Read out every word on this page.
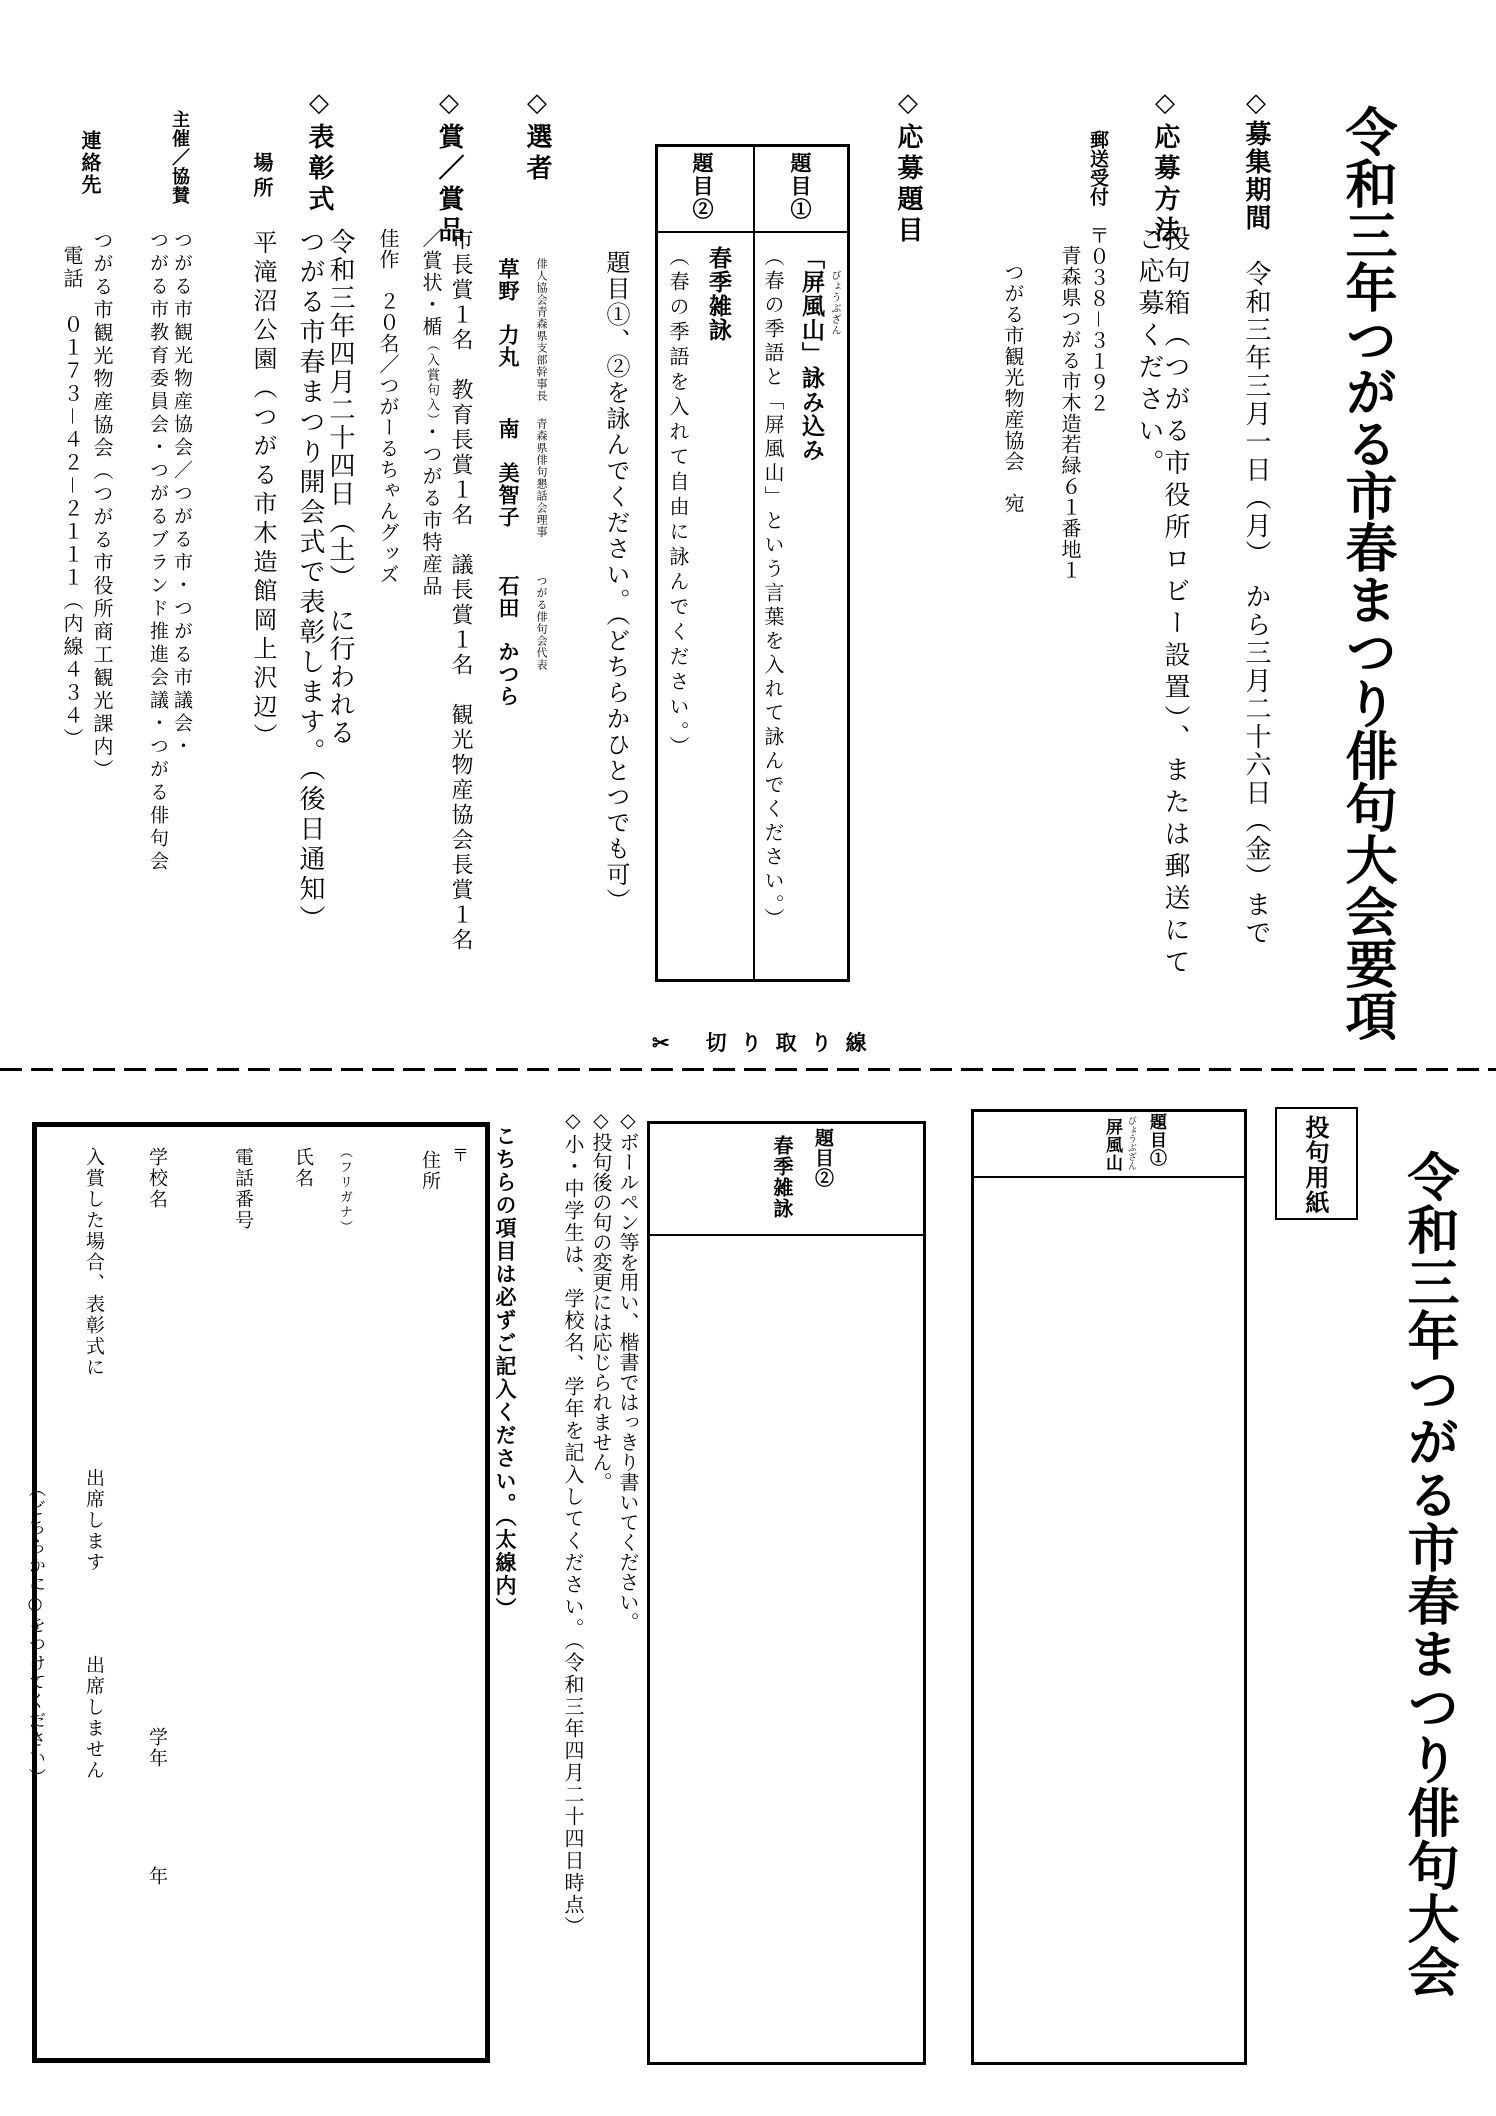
令和三年つがる市春まつり俳句大会要項
◇募集期間　令和三年三月一日（月）　から三月二十六日（金）まで
◇応募方法
投句箱（つがる市役所ロビー設置）、または郵送にて
ご応募ください。
郵送受付
〒０３８－３１９２
青森県つがる市木造若緑６１番地１
つがる市観光物産協会　宛
◇応募題目
題目①
題目②
「屏風山」詠み込み びょうぶざん
（春の季語と「屏風山」という言葉を入れて詠んでください。）
春季雑詠
（春の季語を入れて自由に詠んでください。）
題目①、②を詠んでください。（どちらかひとつでも可）
◇選者
俳人協会青森県支部幹事長
草野　力丸
青森県俳句懇話会理事
南　美智子
つがる俳句会代表
石田　かつら
◇賞／賞品
市長賞１名　教育長賞１名　議長賞１名　観光物産協会長賞１名
／賞状・楯（入賞句入）・つがる市特産品
佳作　２０名／つがーるちゃんグッズ
◇表彰式
令和三年四月二十四日（土）　に行われる
つがる市春まつり開会式で表彰します。（後日通知）
場所
平滝沼公園（つがる市木造館岡上沢辺）
主催／協賛
つがる市観光物産協会／つがる市・つがる市議会・
つがる市教育委員会・つがるブランド推進会議・つがる俳句会
連絡先
つがる市観光物産協会（つがる市役所商工観光課内）
電話　０１７３－４２－２１１１（内線４３４）
✂ 切り取り線
令和三年つがる市春まつり俳句大会
投句用紙
題目①
びょうぶざん
屏風山
題目②
春季雑詠
◇ボールペン等を用い、楷書ではっきり書いてください。
◇投句後の句の変更には応じられません。
◇小・中学生は、学校名、学年を記入してください。（令和三年四月二十四日時点）
こちらの項目は必ずご記入ください。（太線内）
〒
住所
（フリガナ）
氏名
電話番号
学校名
学年
年
入賞した場合、表彰式に
出席します
出席しません
（どちらかに○をつけてください）
